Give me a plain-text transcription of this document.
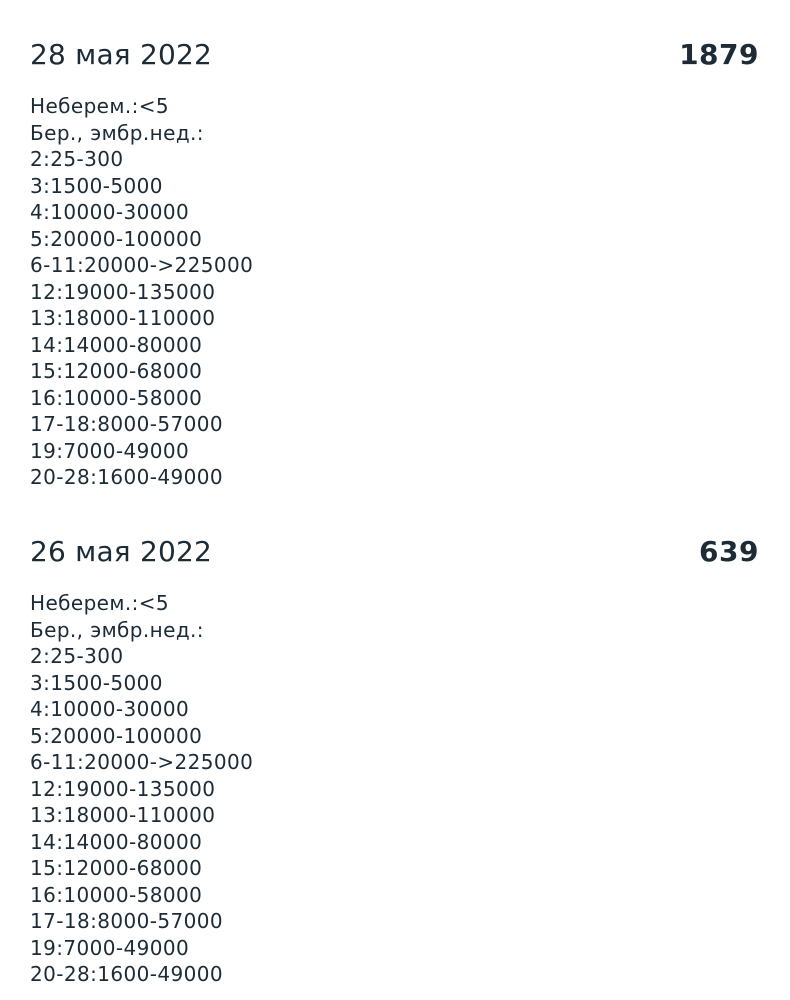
28 мая 2022	1879
Неберем.:<5
Бер., эмбр.нед.:
2:25-300
3:1500-5000
4:10000-30000
5:20000-100000
6-11:20000->225000
12:19000-135000
13:18000-110000
14:14000-80000
15:12000-68000
16:10000-58000
17-18:8000-57000
19:7000-49000
20-28:1600-49000
26 мая 2022	639
Неберем.:<5
Бер., эмбр.нед.:
2:25-300
3:1500-5000
4:10000-30000
5:20000-100000
6-11:20000->225000
12:19000-135000
13:18000-110000
14:14000-80000
15:12000-68000
16:10000-58000
17-18:8000-57000
19:7000-49000
20-28:1600-49000
